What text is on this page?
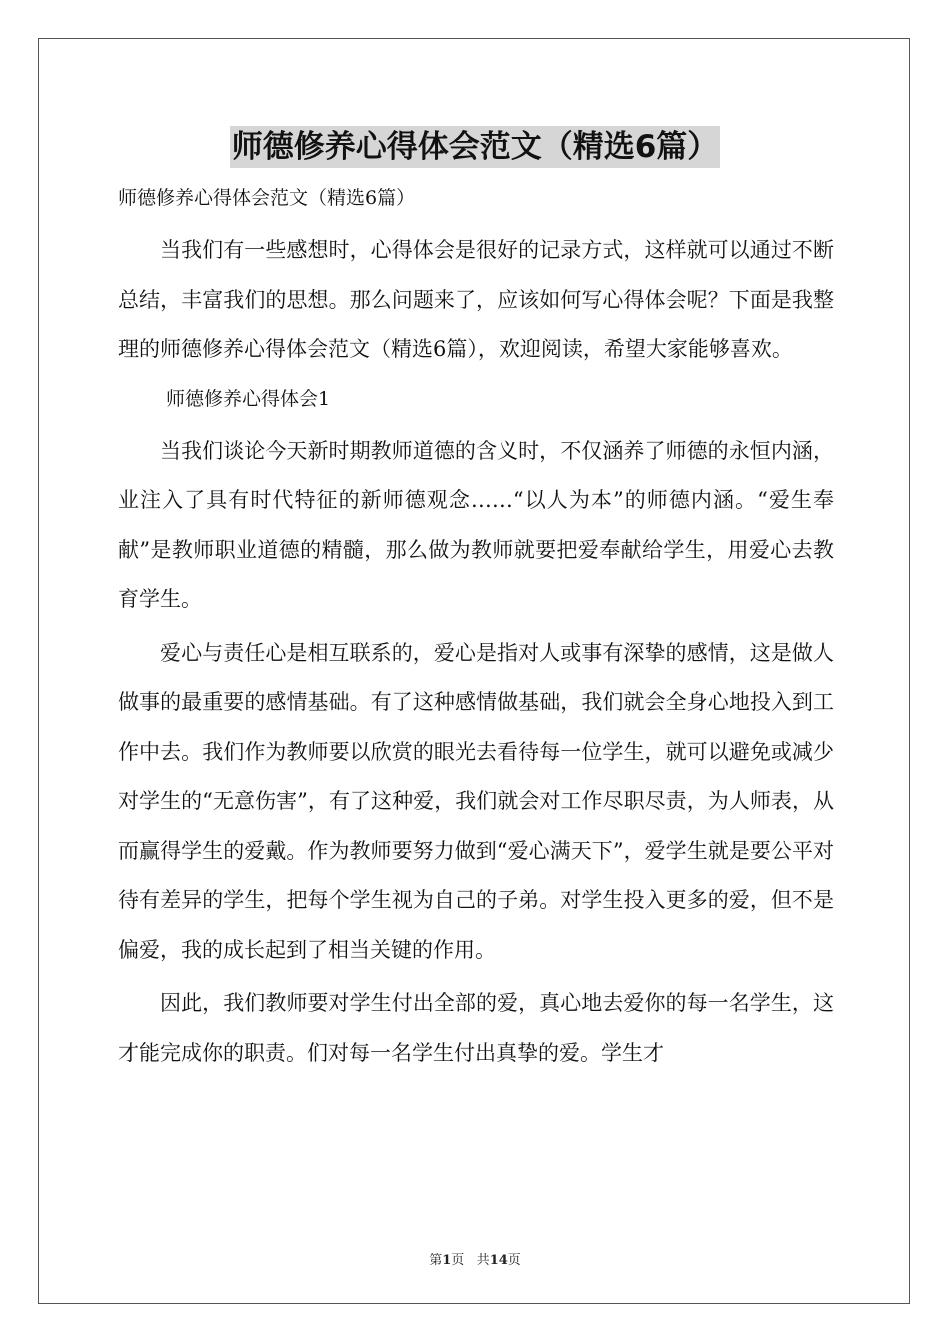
师德修养心得体会范文（精选6篇）

师德修养心得体会范文（精选6篇）

当我们有一些感想时，心得体会是很好的记录方式，这样就可以通过不断总结，丰富我们的思想。那么问题来了，应该如何写心得体会呢？下面是我整理的师德修养心得体会范文（精选6篇），欢迎阅读，希望大家能够喜欢。

师德修养心得体会1

当我们谈论今天新时期教师道德的含义时，不仅涵养了师德的永恒内涵，业注入了具有时代特征的新师德观念……“以人为本”的师德内涵。“爱生奉献”是教师职业道德的精髓，那么做为教师就要把爱奉献给学生，用爱心去教育学生。

爱心与责任心是相互联系的，爱心是指对人或事有深挚的感情，这是做人做事的最重要的感情基础。有了这种感情做基础，我们就会全身心地投入到工作中去。我们作为教师要以欣赏的眼光去看待每一位学生，就可以避免或减少对学生的“无意伤害”，有了这种爱，我们就会对工作尽职尽责，为人师表，从而赢得学生的爱戴。作为教师要努力做到“爱心满天下”，爱学生就是要公平对待有差异的学生，把每个学生视为自己的子弟。对学生投入更多的爱，但不是偏爱，我的成长起到了相当关键的作用。

因此，我们教师要对学生付出全部的爱，真心地去爱你的每一名学生，这才能完成你的职责。们对每一名学生付出真挚的爱。学生才

第1页 共14页
